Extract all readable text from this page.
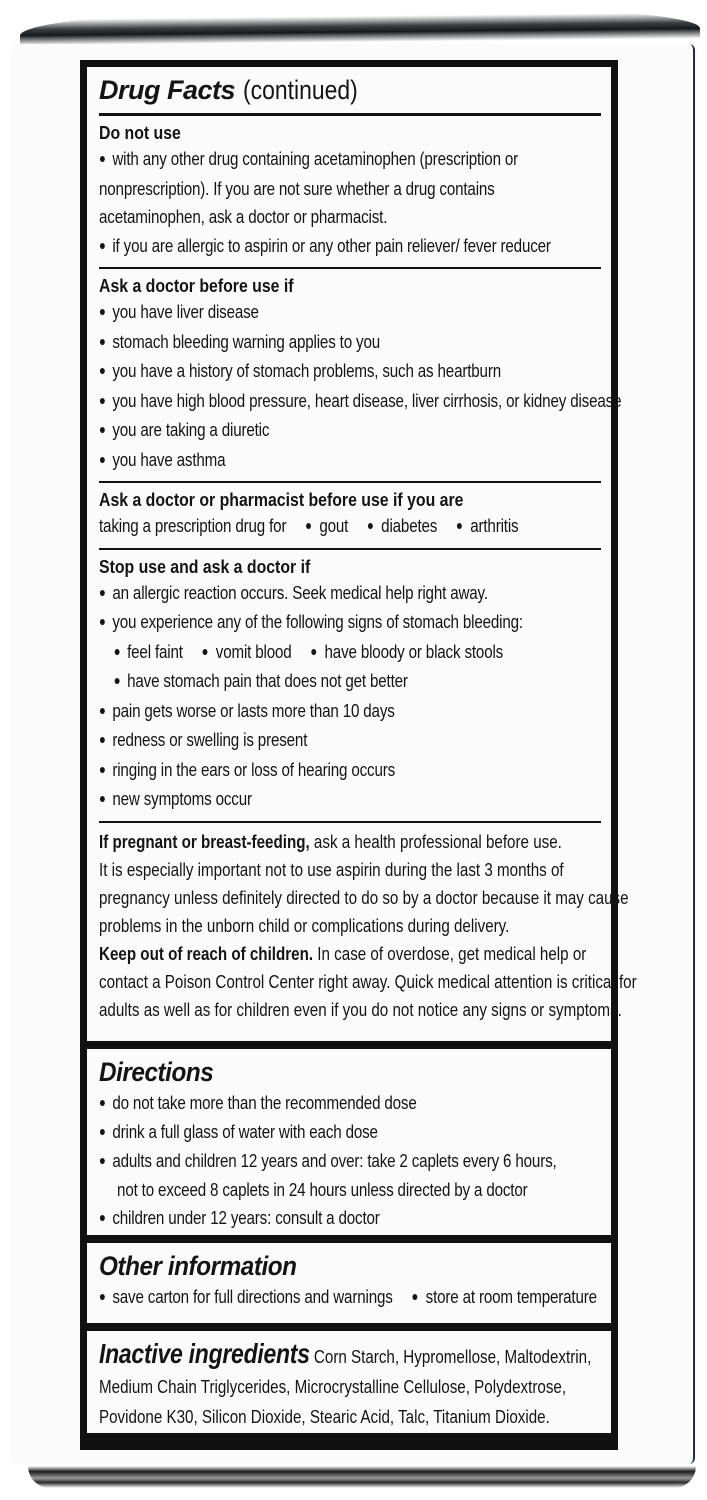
Drug Facts (continued)
Do not use
● with any other drug containing acetaminophen (prescription or
nonprescription). If you are not sure whether a drug contains
acetaminophen, ask a doctor or pharmacist.
● if you are allergic to aspirin or any other pain reliever/ fever reducer
Ask a doctor before use if
● you have liver disease
● stomach bleeding warning applies to you
● you have a history of stomach problems, such as heartburn
● you have high blood pressure, heart disease, liver cirrhosis, or kidney disease
● you are taking a diuretic
● you have asthma
Ask a doctor or pharmacist before use if you are
taking a prescription drug for ● gout ● diabetes ● arthritis
Stop use and ask a doctor if
● an allergic reaction occurs. Seek medical help right away.
● you experience any of the following signs of stomach bleeding:
● feel faint ● vomit blood ● have bloody or black stools
● have stomach pain that does not get better
● pain gets worse or lasts more than 10 days
● redness or swelling is present
● ringing in the ears or loss of hearing occurs
● new symptoms occur
If pregnant or breast-feeding, ask a health professional before use.
It is especially important not to use aspirin during the last 3 months of
pregnancy unless definitely directed to do so by a doctor because it may cause
problems in the unborn child or complications during delivery.
Keep out of reach of children. In case of overdose, get medical help or
contact a Poison Control Center right away. Quick medical attention is critical for
adults as well as for children even if you do not notice any signs or symptoms.
Directions
● do not take more than the recommended dose
● drink a full glass of water with each dose
● adults and children 12 years and over: take 2 caplets every 6 hours,
not to exceed 8 caplets in 24 hours unless directed by a doctor
● children under 12 years: consult a doctor
Other information
● save carton for full directions and warnings ● store at room temperature
Inactive ingredients Corn Starch, Hypromellose, Maltodextrin,
Medium Chain Triglycerides, Microcrystalline Cellulose, Polydextrose,
Povidone K30, Silicon Dioxide, Stearic Acid, Talc, Titanium Dioxide.
